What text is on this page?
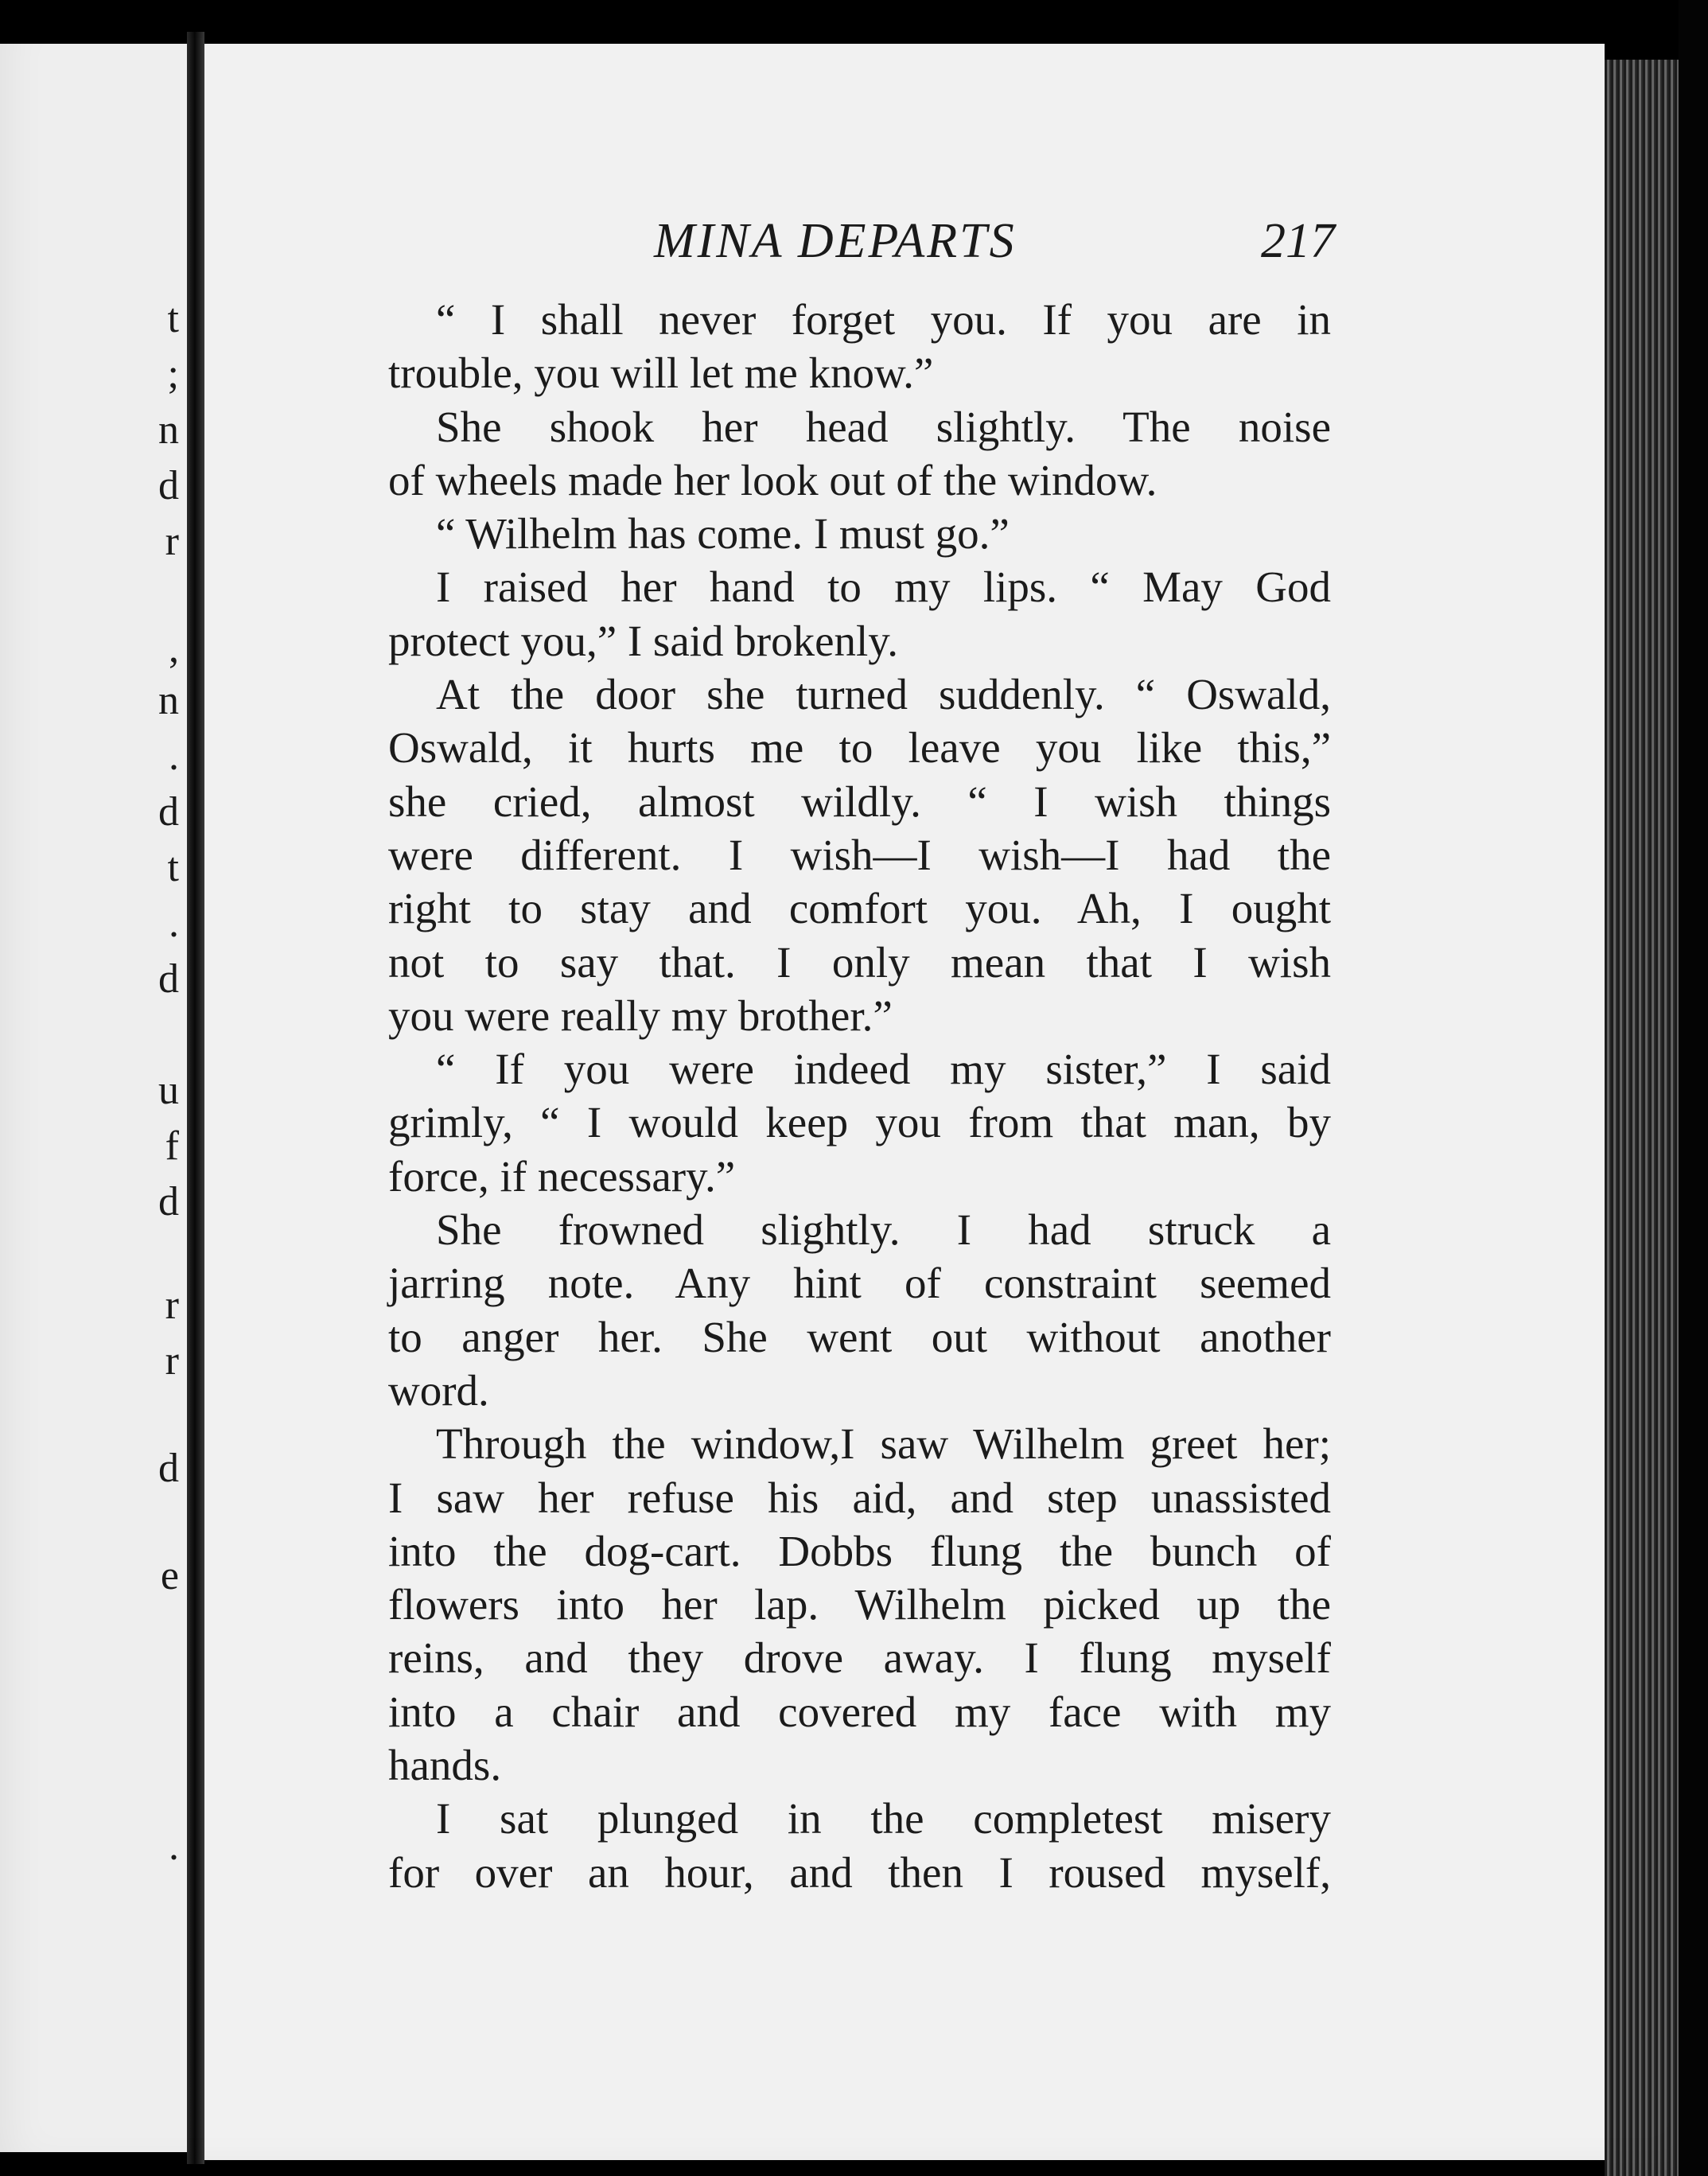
t
;
n
d
r
,
n
.
d
t
.
d
u
f
d
r
r
d
e
.
MINA DEPARTS	217
“ I shall never forget you. If you are in
trouble, you will let me know.”
She shook her head slightly. The noise
of wheels made her look out of the window.
“ Wilhelm has come. I must go.”
I raised her hand to my lips. “ May God
protect you,” I said brokenly.
At the door she turned suddenly. “ Oswald,
Oswald, it hurts me to leave you like this,”
she cried, almost wildly. “ I wish things
were different. I wish—I wish—I had the
right to stay and comfort you. Ah, I ought
not to say that. I only mean that I wish
you were really my brother.”
“ If you were indeed my sister,” I said
grimly, “ I would keep you from that man, by
force, if necessary.”
She frowned slightly. I had struck a
jarring note. Any hint of constraint seemed
to anger her. She went out without another
word.
Through the window,I saw Wilhelm greet her;
I saw her refuse his aid, and step unassisted
into the dog-cart. Dobbs flung the bunch of
flowers into her lap. Wilhelm picked up the
reins, and they drove away. I flung myself
into a chair and covered my face with my
hands.
I sat plunged in the completest misery
for over an hour, and then I roused myself,
